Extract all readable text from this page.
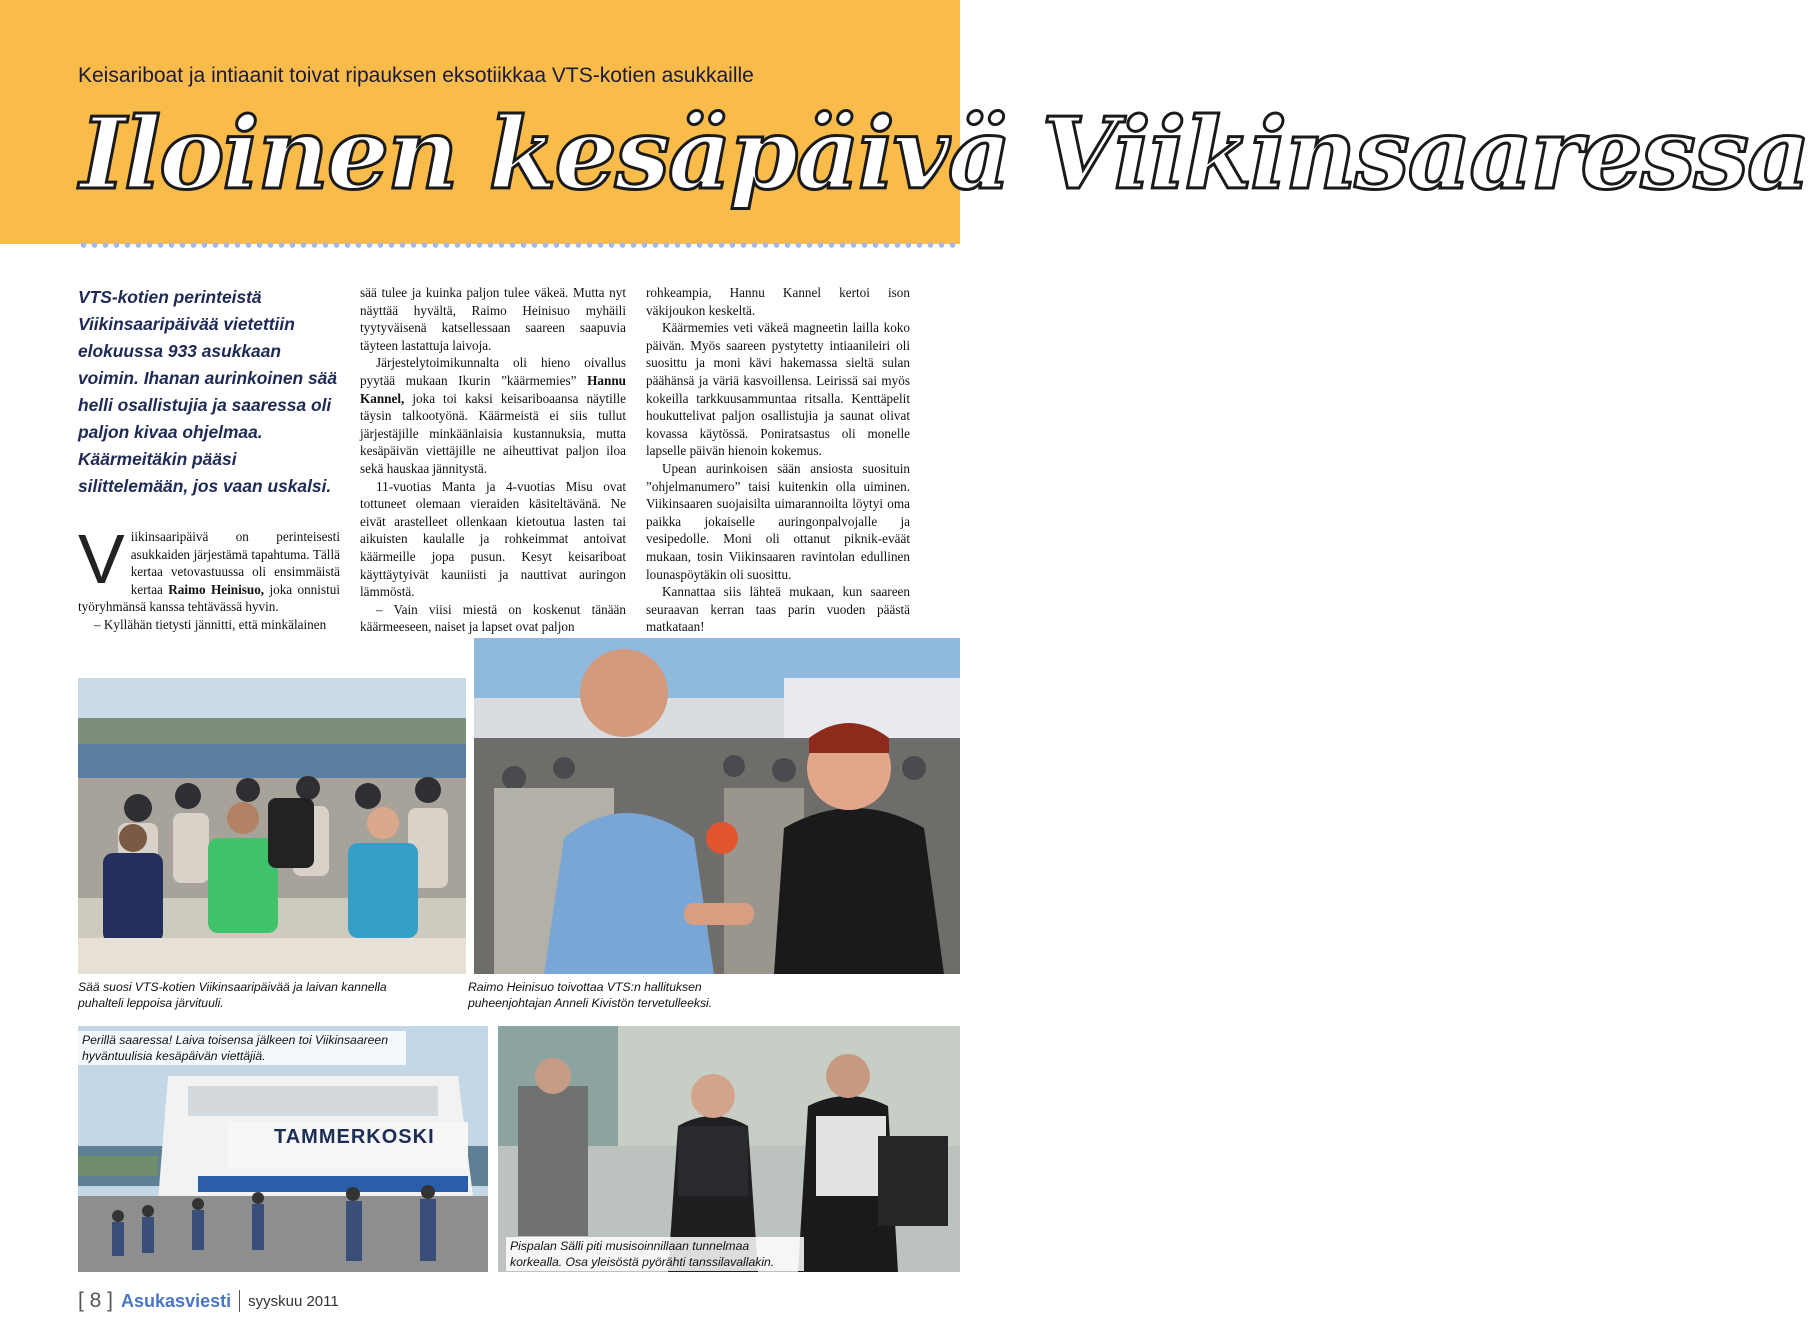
Keisariboat ja intiaanit toivat ripauksen eksotiikkaa VTS-kotien asukkaille
Iloinen kesäpäivä Viikinsaaressa
VTS-kotien perinteistä Viikinsaaripäivää vietettiin elokuussa 933 asukkaan voimin. Ihanan aurinkoinen sää helli osallistujia ja saaressa oli paljon kivaa ohjelmaa. Käärmeitäkin pääsi silittelemään, jos vaan uskalsi.

Viikinsaaripäivä on perinteisesti asukkaiden järjestämä tapahtuma. Tällä kertaa vetovastuussa oli ensimmäistä kertaa Raimo Heinisuo, joka onnistui työryhmänsä kanssa tehtävässä hyvin.

– Kyllähän tietysti jännitti, että minkälainen

sää tulee ja kuinka paljon tulee väkeä. Mutta nyt näyttää hyvältä, Raimo Heinisuo myhäili tyytyväisenä katsellessaan saareen saapuvia täyteen lastattuja laivoja.

Järjestelytoimikunnalta oli hieno oivallus pyytää mukaan Ikurin ”käärmemies” Hannu Kannel, joka toi kaksi keisariboaansa näytille täysin talkootyönä. Käärmeistä ei siis tullut järjestäjille minkäänlaisia kustannuksia, mutta kesäpäivän viettäjille ne aiheuttivat paljon iloa sekä hauskaa jännitystä.

11-vuotias Manta ja 4-vuotias Misu ovat tottuneet olemaan vieraiden käsiteltävänä. Ne eivät arastelleet ollenkaan kietoutua lasten tai aikuisten kaulalle ja rohkeimmat antoivat käärmeille jopa pusun. Kesyt keisariboat käyttäytyivät kauniisti ja nauttivat auringon lämmöstä.

– Vain viisi miestä on koskenut tänään käärmeeseen, naiset ja lapset ovat paljon

rohkeampia, Hannu Kannel kertoi ison väkijoukon keskeltä.

Käärmemies veti väkeä magneetin lailla koko päivän. Myös saareen pystytetty intiaanileiri oli suosittu ja moni kävi hakemassa sieltä sulan päähänsä ja väriä kasvoillensa. Leirissä sai myös kokeilla tarkkuusammuntaa ritsalla. Kenttäpelit houkuttelivat paljon osallistujia ja saunat olivat kovassa käytössä. Poniratsastus oli monelle lapselle päivän hienoin kokemus.

Upean aurinkoisen sään ansiosta suosituin ”ohjelmanumero” taisi kuitenkin olla uiminen. Viikinsaaren suojaisilta uimarannoilta löytyi oma paikka jokaiselle auringonpalvojalle ja vesipedolle. Moni oli ottanut piknik-eväät mukaan, tosin Viikinsaaren ravintolan edullinen lounaspöytäkin oli suosittu.

Kannattaa siis lähteä mukaan, kun saareen seuraavan kerran taas parin vuoden päästä matkataan!

Sää suosi VTS-kotien Viikinsaaripäivää ja laivan kannella puhalteli leppoisa järvituuli.
Raimo Heinisuo toivottaa VTS:n hallituksen puheenjohtajan Anneli Kivistön tervetulleeksi.
TAMMERKOSKI
Perillä saaressa! Laiva toisensa jälkeen toi Viikinsaareen hyväntuulisia kesäpäivän viettäjiä.
Pispalan Sälli piti musisoinnillaan tunnelmaa korkealla. Osa yleisöstä pyörähti tanssilavallakin.
[ 8 ] Asukasviesti syyskuu 2011
